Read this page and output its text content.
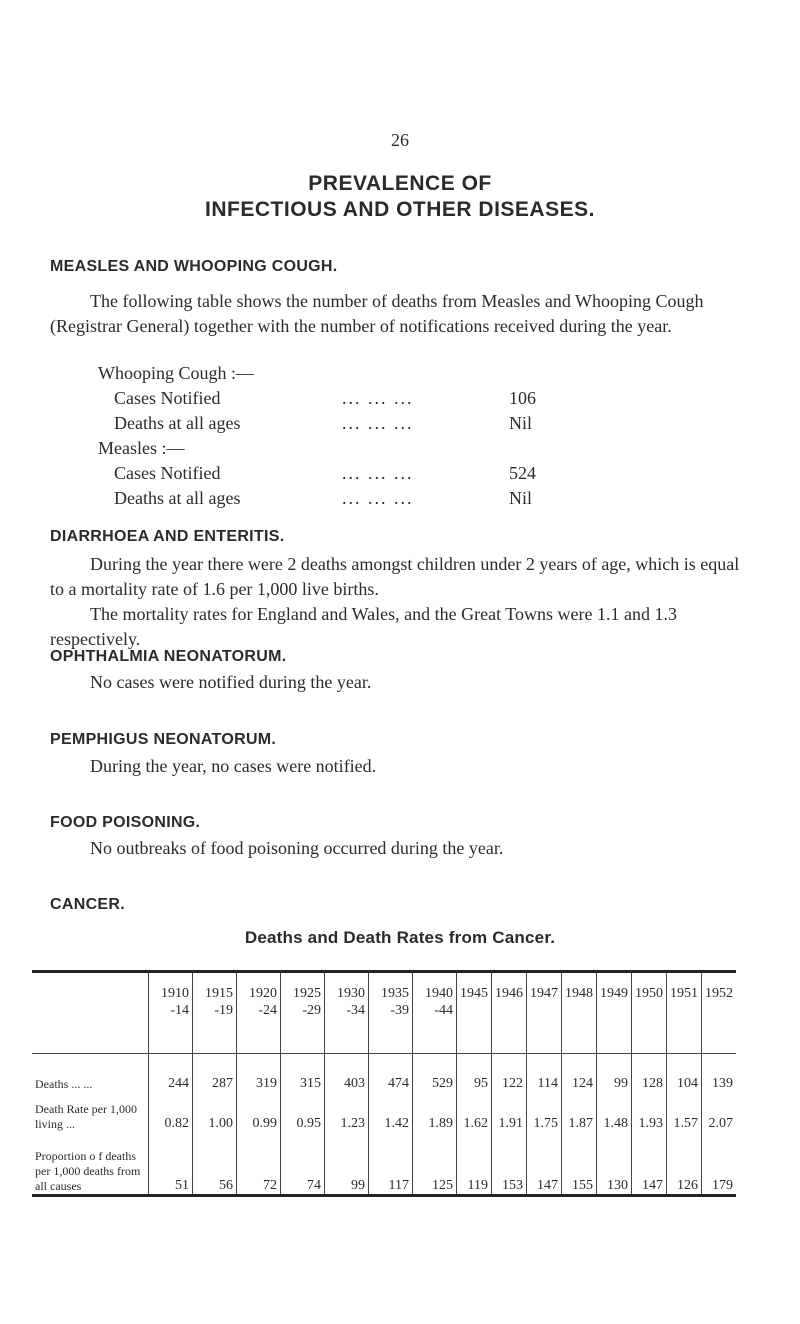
26
PREVALENCE OF
INFECTIOUS AND OTHER DISEASES.
MEASLES AND WHOOPING COUGH.

The following table shows the number of deaths from Measles and Whooping Cough (Registrar General) together with the number of notifications received during the year.

Whooping Cough :—
Cases Notified	... ... ...	106
Deaths at all ages	... ... ...	Nil
Measles :—
Cases Notified	... ... ...	524
Deaths at all ages	... ... ...	Nil
DIARRHOEA AND ENTERITIS.

During the year there were 2 deaths amongst children under 2 years of age, which is equal to a mortality rate of 1.6 per 1,000 live births.

The mortality rates for England and Wales, and the Great Towns were 1.1 and 1.3 respectively.

OPHTHALMIA NEONATORUM.

No cases were notified during the year.

PEMPHIGUS NEONATORUM.

During the year, no cases were notified.

FOOD POISONING.

No outbreaks of food poisoning occurred during the year.

CANCER.
Deaths and Death Rates from Cancer.
	1910 -14	1915 -19	1920 -24	1925 -29	1930 -34	1935 -39	1940 -44	1945	1946	1947	1948	1949	1950	1951	1952
Deaths ... ...	244	287	319	315	403	474	529	95	122	114	124	99	128	104	139
Death Rate per 1,000 living ...	0.82	1.00	0.99	0.95	1.23	1.42	1.89	1.62	1.91	1.75	1.87	1.48	1.93	1.57	2.07
Proportion o f deaths per 1,000 deaths from all causes	51	56	72	74	99	117	125	119	153	147	155	130	147	126	179
